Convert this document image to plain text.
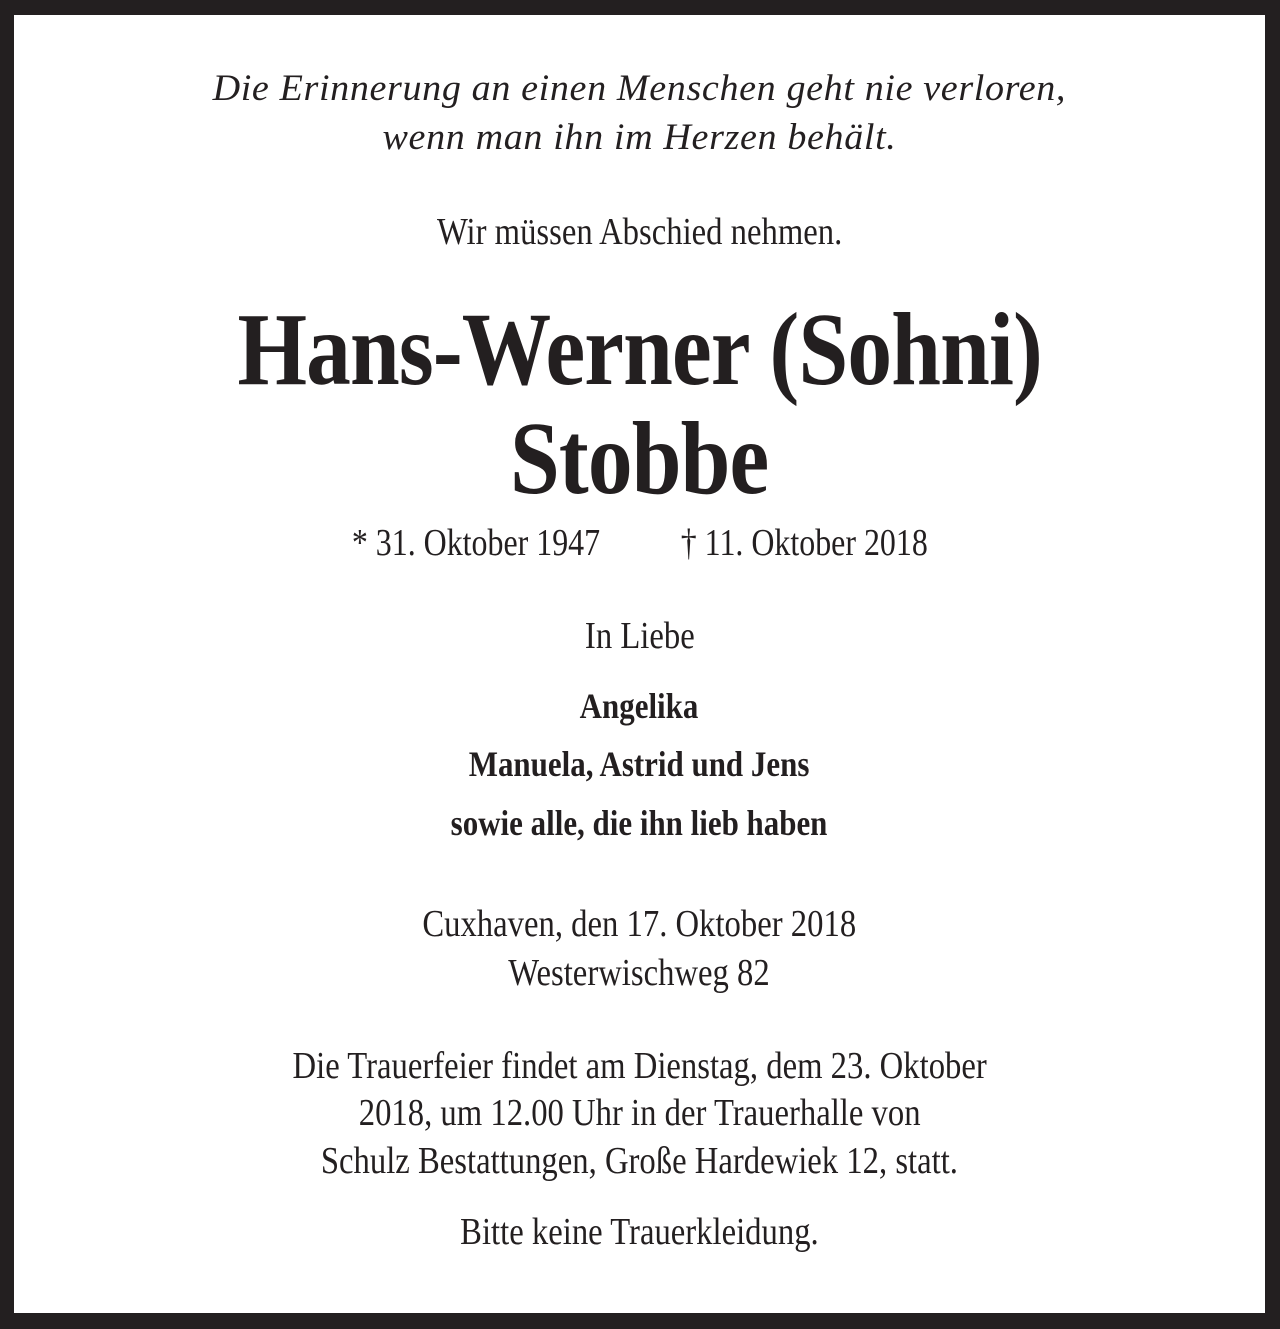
Die Erinnerung an einen Menschen geht nie verloren,
wenn man ihn im Herzen behält.
Wir müssen Abschied nehmen.
Hans-Werner (Sohni)
Stobbe
* 31. Oktober 1947 † 11. Oktober 2018
In Liebe
Angelika
Manuela, Astrid und Jens
sowie alle, die ihn lieb haben
Cuxhaven, den 17. Oktober 2018
Westerwischweg 82
Die Trauerfeier findet am Dienstag, dem 23. Oktober
2018, um 12.00 Uhr in der Trauerhalle von
Schulz Bestattungen, Große Hardewiek 12, statt.
Bitte keine Trauerkleidung.
